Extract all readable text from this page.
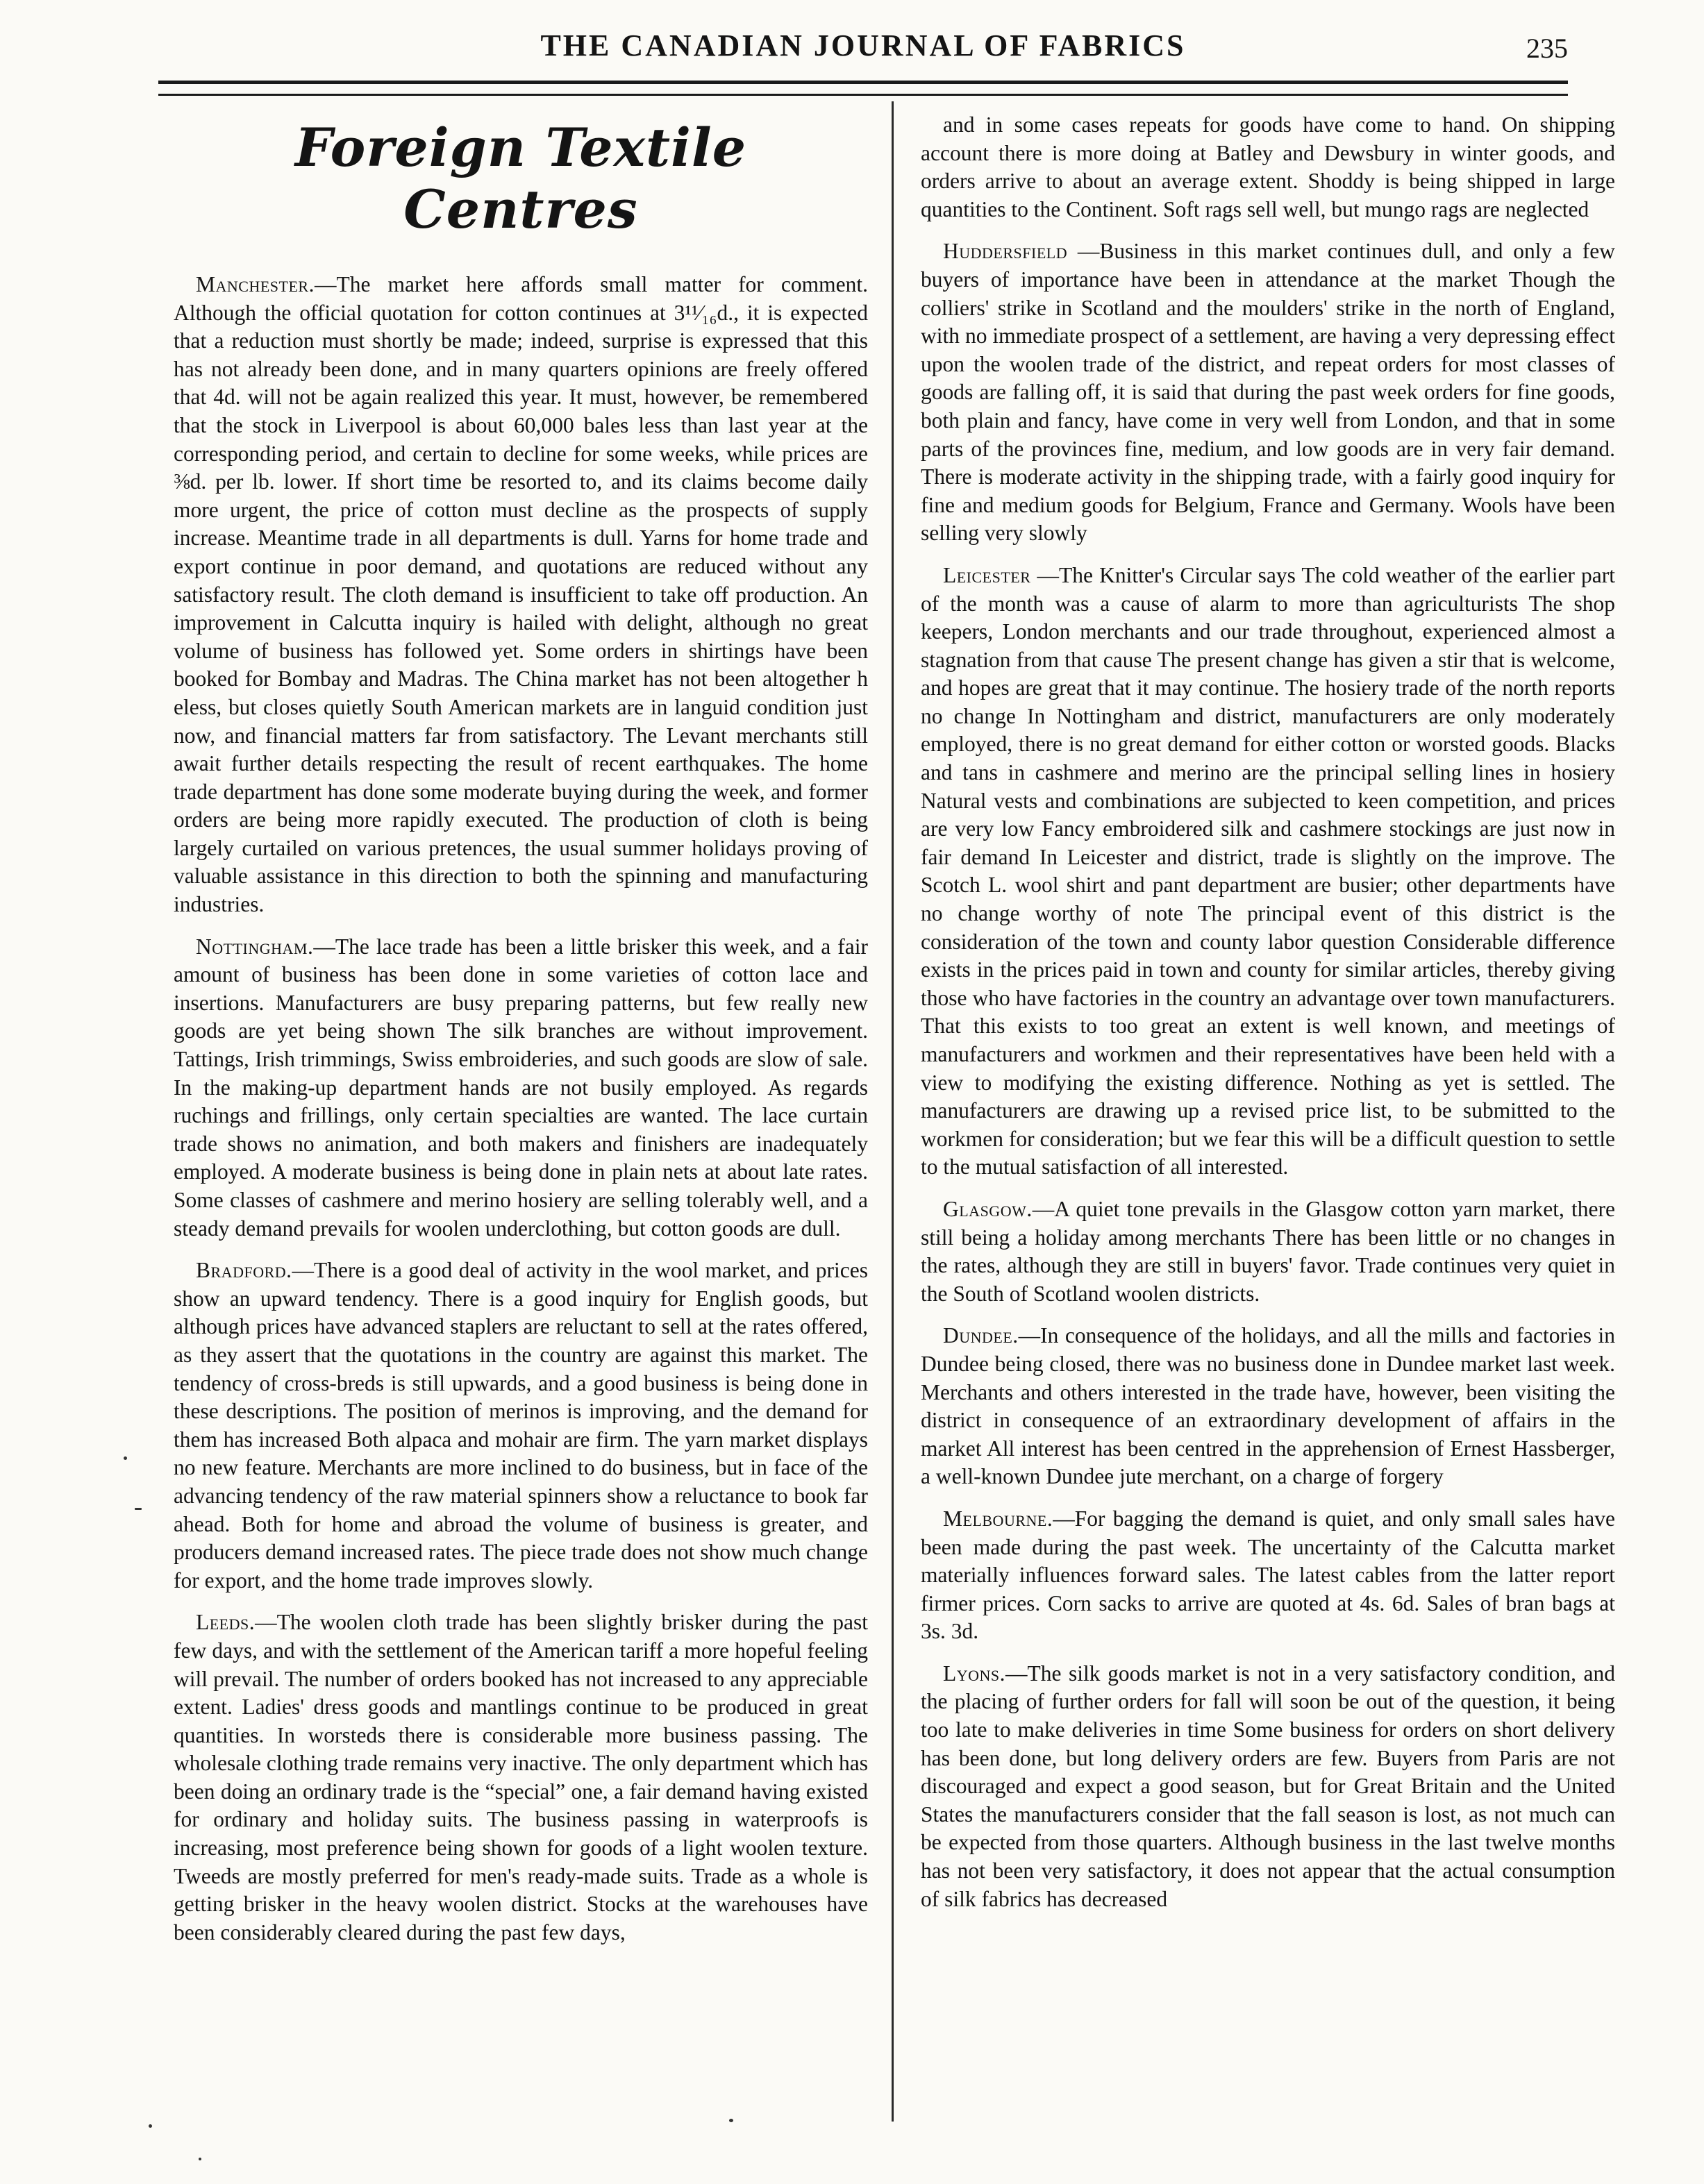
THE CANADIAN JOURNAL OF FABRICS	235
Foreign Textile Centres

Manchester.—The market here affords small matter for comment. Although the official quotation for cotton continues at 3¹¹⁄₁₆d., it is expected that a reduction must shortly be made; indeed, surprise is expressed that this has not already been done, and in many quarters opinions are freely offered that 4d. will not be again realized this year. It must, however, be remembered that the stock in Liverpool is about 60,000 bales less than last year at the corresponding period, and certain to decline for some weeks, while prices are ⅜d. per lb. lower. If short time be resorted to, and its claims become daily more urgent, the price of cotton must decline as the prospects of supply increase. Meantime trade in all departments is dull. Yarns for home trade and export continue in poor demand, and quotations are reduced without any satisfactory result. The cloth demand is insufficient to take off production. An improvement in Calcutta inquiry is hailed with delight, although no great volume of business has followed yet. Some orders in shirtings have been booked for Bombay and Madras. The China market has not been altogether h eless, but closes quietly South American markets are in languid condition just now, and financial matters far from satisfactory. The Levant merchants still await further details respecting the result of recent earthquakes. The home trade department has done some moderate buying during the week, and former orders are being more rapidly executed. The production of cloth is being largely curtailed on various pretences, the usual summer holidays proving of valuable assistance in this direction to both the spinning and manufacturing industries.

Nottingham.—The lace trade has been a little brisker this week, and a fair amount of business has been done in some varieties of cotton lace and insertions. Manufacturers are busy preparing patterns, but few really new goods are yet being shown The silk branches are without improvement. Tattings, Irish trimmings, Swiss embroideries, and such goods are slow of sale. In the making-up department hands are not busily employed. As regards ruchings and frillings, only certain specialties are wanted. The lace curtain trade shows no animation, and both makers and finishers are inadequately employed. A moderate business is being done in plain nets at about late rates. Some classes of cashmere and merino hosiery are selling tolerably well, and a steady demand prevails for woolen underclothing, but cotton goods are dull.

Bradford.—There is a good deal of activity in the wool market, and prices show an upward tendency. There is a good inquiry for English goods, but although prices have advanced staplers are reluctant to sell at the rates offered, as they assert that the quotations in the country are against this market. The tendency of cross-breds is still upwards, and a good business is being done in these descriptions. The position of merinos is improving, and the demand for them has increased Both alpaca and mohair are firm. The yarn market displays no new feature. Merchants are more inclined to do business, but in face of the advancing tendency of the raw material spinners show a reluctance to book far ahead. Both for home and abroad the volume of business is greater, and producers demand increased rates. The piece trade does not show much change for export, and the home trade improves slowly.

Leeds.—The woolen cloth trade has been slightly brisker during the past few days, and with the settlement of the American tariff a more hopeful feeling will prevail. The number of orders booked has not increased to any appreciable extent. Ladies' dress goods and mantlings continue to be produced in great quantities. In worsteds there is considerable more business passing. The wholesale clothing trade remains very inactive. The only department which has been doing an ordinary trade is the “special” one, a fair demand having existed for ordinary and holiday suits. The business passing in waterproofs is increasing, most preference being shown for goods of a light woolen texture. Tweeds are mostly preferred for men's ready-made suits. Trade as a whole is getting brisker in the heavy woolen district. Stocks at the warehouses have been considerably cleared during the past few days,

and in some cases repeats for goods have come to hand. On shipping account there is more doing at Batley and Dewsbury in winter goods, and orders arrive to about an average extent. Shoddy is being shipped in large quantities to the Continent. Soft rags sell well, but mungo rags are neglected

Huddersfield —Business in this market continues dull, and only a few buyers of importance have been in attendance at the market Though the colliers' strike in Scotland and the moulders' strike in the north of England, with no immediate prospect of a settlement, are having a very depressing effect upon the woolen trade of the district, and repeat orders for most classes of goods are falling off, it is said that during the past week orders for fine goods, both plain and fancy, have come in very well from London, and that in some parts of the provinces fine, medium, and low goods are in very fair demand. There is moderate activity in the shipping trade, with a fairly good inquiry for fine and medium goods for Belgium, France and Germany. Wools have been selling very slowly

Leicester —The Knitter's Circular says The cold weather of the earlier part of the month was a cause of alarm to more than agriculturists The shop keepers, London merchants and our trade throughout, experienced almost a stagnation from that cause The present change has given a stir that is welcome, and hopes are great that it may continue. The hosiery trade of the north reports no change In Nottingham and district, manufacturers are only moderately employed, there is no great demand for either cotton or worsted goods. Blacks and tans in cashmere and merino are the principal selling lines in hosiery Natural vests and combinations are subjected to keen competition, and prices are very low Fancy embroidered silk and cashmere stockings are just now in fair demand In Leicester and district, trade is slightly on the improve. The Scotch L. wool shirt and pant department are busier; other departments have no change worthy of note The principal event of this district is the consideration of the town and county labor question Considerable difference exists in the prices paid in town and county for similar articles, thereby giving those who have factories in the country an advantage over town manufacturers. That this exists to too great an extent is well known, and meetings of manufacturers and workmen and their representatives have been held with a view to modifying the existing difference. Nothing as yet is settled. The manufacturers are drawing up a revised price list, to be submitted to the workmen for consideration; but we fear this will be a difficult question to settle to the mutual satisfaction of all interested.

Glasgow.—A quiet tone prevails in the Glasgow cotton yarn market, there still being a holiday among merchants There has been little or no changes in the rates, although they are still in buyers' favor. Trade continues very quiet in the South of Scotland woolen districts.

Dundee.—In consequence of the holidays, and all the mills and factories in Dundee being closed, there was no business done in Dundee market last week. Merchants and others interested in the trade have, however, been visiting the district in consequence of an extraordinary development of affairs in the market All interest has been centred in the apprehension of Ernest Hassberger, a well-known Dundee jute merchant, on a charge of forgery

Melbourne.—For bagging the demand is quiet, and only small sales have been made during the past week. The uncertainty of the Calcutta market materially influences forward sales. The latest cables from the latter report firmer prices. Corn sacks to arrive are quoted at 4s. 6d. Sales of bran bags at 3s. 3d.

Lyons.—The silk goods market is not in a very satisfactory condition, and the placing of further orders for fall will soon be out of the question, it being too late to make deliveries in time Some business for orders on short delivery has been done, but long delivery orders are few. Buyers from Paris are not discouraged and expect a good season, but for Great Britain and the United States the manufacturers consider that the fall season is lost, as not much can be expected from those quarters. Although business in the last twelve months has not been very satisfactory, it does not appear that the actual consumption of silk fabrics has decreased
